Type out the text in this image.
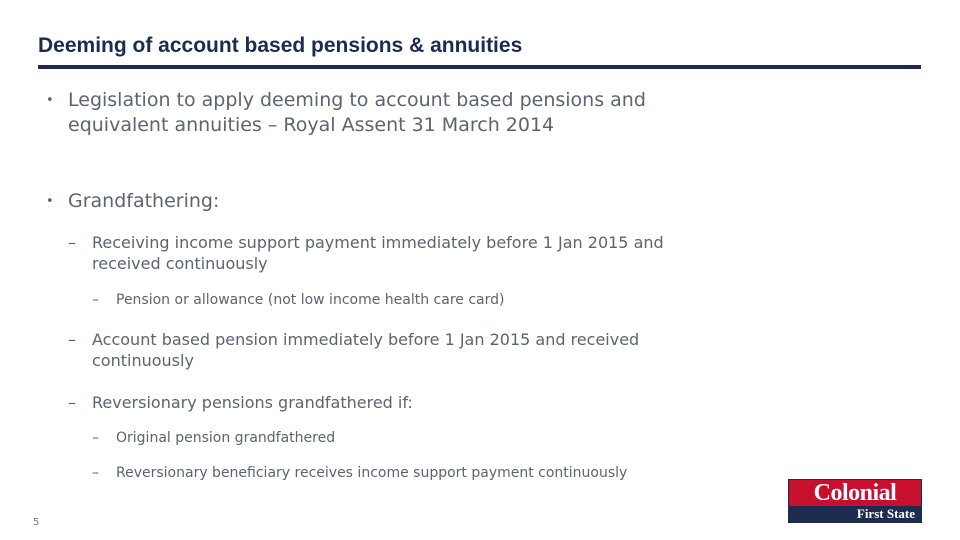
Deeming of account based pensions & annuities
• Legislation to apply deeming to account based pensions and
equivalent annuities – Royal Assent 31 March 2014
• Grandfathering:
– Receiving income support payment immediately before 1 Jan 2015 and
received continuously
– Pension or allowance (not low income health care card)
– Account based pension immediately before 1 Jan 2015 and received
continuously
– Reversionary pensions grandfathered if:
– Original pension grandfathered
– Reversionary beneficiary receives income support payment continuously
5
Colonial
First State
